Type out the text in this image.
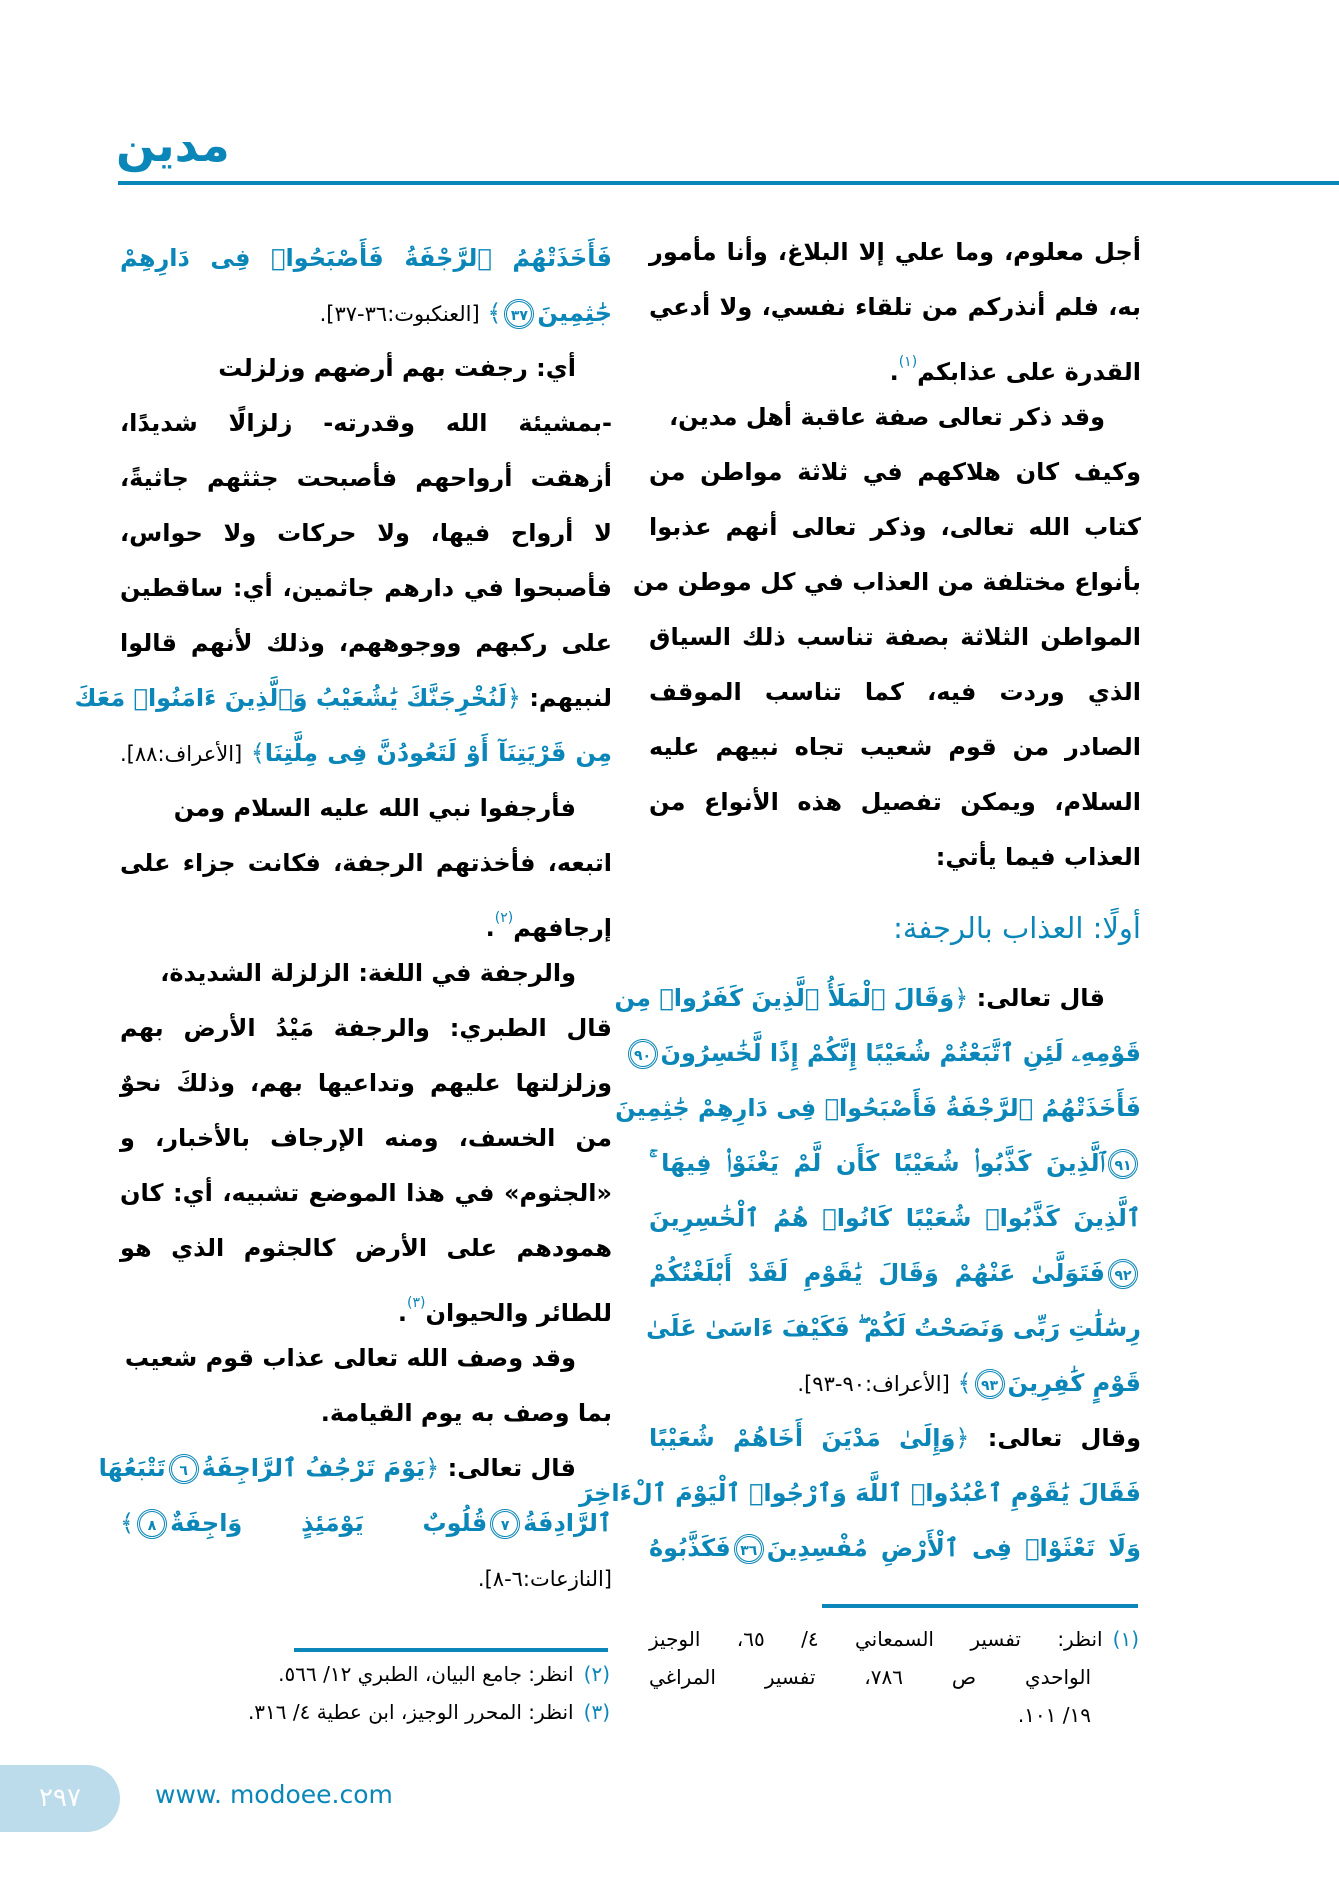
مدين
أجل معلوم، وما علي إلا البلاغ، وأنا مأمور
به، فلم أنذركم من تلقاء نفسي، ولا أدعي
القدرة على عذابكم$^{(١)}$.
وقد ذكر تعالى صفة عاقبة أهل مدين،
وكيف كان هلاكهم في ثلاثة مواطن من
كتاب الله تعالى، وذكر تعالى أنهم عذبوا
بأنواع مختلفة من العذاب في كل موطن من
المواطن الثلاثة بصفة تناسب ذلك السياق
الذي وردت فيه، كما تناسب الموقف
الصادر من قوم شعيب تجاه نبيهم عليه
السلام، ويمكن تفصيل هذه الأنواع من
العذاب فيما يأتي:
أولًا: العذاب بالرجفة:
قال تعالى: ﴿وَقَالَ ٱلْمَلَأُ ٱلَّذِينَ كَفَرُوا۟ مِن
قَوْمِهِۦ لَئِنِ ٱتَّبَعْتُمْ شُعَيْبًا إِنَّكُمْ إِذًا لَّخَٰسِرُونَ٩٠
فَأَخَذَتْهُمُ ٱلرَّجْفَةُ فَأَصْبَحُوا۟ فِى دَارِهِمْ جَٰثِمِينَ
٩١ٱلَّذِينَ كَذَّبُوا۟ شُعَيْبًا كَأَن لَّمْ يَغْنَوْا۟ فِيهَا ۚ
ٱلَّذِينَ كَذَّبُوا۟ شُعَيْبًا كَانُوا۟ هُمُ ٱلْخَٰسِرِينَ
٩٢فَتَوَلَّىٰ عَنْهُمْ وَقَالَ يَٰقَوْمِ لَقَدْ أَبْلَغْتُكُمْ
رِسَٰلَٰتِ رَبِّى وَنَصَحْتُ لَكُمْ ۖ فَكَيْفَ ءَاسَىٰ عَلَىٰ
قَوْمٍ كَٰفِرِينَ٩٣﴾ [الأعراف:٩٠-٩٣].
وقال تعالى: ﴿وَإِلَىٰ مَدْيَنَ أَخَاهُمْ شُعَيْبًا
فَقَالَ يَٰقَوْمِ ٱعْبُدُوا۟ ٱللَّهَ وَٱرْجُوا۟ ٱلْيَوْمَ ٱلْءَاخِرَ
وَلَا تَعْثَوْا۟ فِى ٱلْأَرْضِ مُفْسِدِينَ٣٦فَكَذَّبُوهُ
فَأَخَذَتْهُمُ ٱلرَّجْفَةُ فَأَصْبَحُوا۟ فِى دَارِهِمْ
جَٰثِمِينَ٣٧﴾ [العنكبوت:٣٦-٣٧].
أي: رجفت بهم أرضهم وزلزلت
-بمشيئة الله وقدرته- زلزالًا شديدًا،
أزهقت أرواحهم فأصبحت جثثهم جاثيةً،
لا أرواح فيها، ولا حركات ولا حواس،
فأصبحوا في دارهم جاثمين، أي: ساقطين
على ركبهم ووجوههم، وذلك لأنهم قالوا
لنبيهم: ﴿لَنُخْرِجَنَّكَ يَٰشُعَيْبُ وَٱلَّذِينَ ءَامَنُوا۟ مَعَكَ
مِن قَرْيَتِنَآ أَوْ لَتَعُودُنَّ فِى مِلَّتِنَا﴾ [الأعراف:٨٨].
فأرجفوا نبي الله عليه السلام ومن
اتبعه، فأخذتهم الرجفة، فكانت جزاء على
إرجافهم$^{(٢)}$.
والرجفة في اللغة: الزلزلة الشديدة،
قال الطبري: والرجفة مَيْدُ الأرض بهم
وزلزلتها عليهم وتداعيها بهم، وذلكَ نحوٌ
من الخسف، ومنه الإرجاف بالأخبار، و
«الجثوم» في هذا الموضع تشبيه، أي: كان
همودهم على الأرض كالجثوم الذي هو
للطائر والحيوان$^{(٣)}$.
وقد وصف الله تعالى عذاب قوم شعيب
بما وصف به يوم القيامة.
قال تعالى: ﴿يَوْمَ تَرْجُفُ ٱلرَّاجِفَةُ٦تَتْبَعُهَا
ٱلرَّادِفَةُ٧قُلُوبٌ يَوْمَئِذٍ وَاجِفَةٌ٨﴾
[النازعات:٦-٨].
(١)انظر: تفسير السمعاني ٤/ ٦٥، الوجيز
الواحدي ص ٧٨٦، تفسير المراغي
١٩/ ١٠١.
(٢)انظر: جامع البيان، الطبري ١٢/ ٥٦٦.
(٣)انظر: المحرر الوجيز، ابن عطية ٤/ ٣١٦.
٢٩٧	www. modoee.com
